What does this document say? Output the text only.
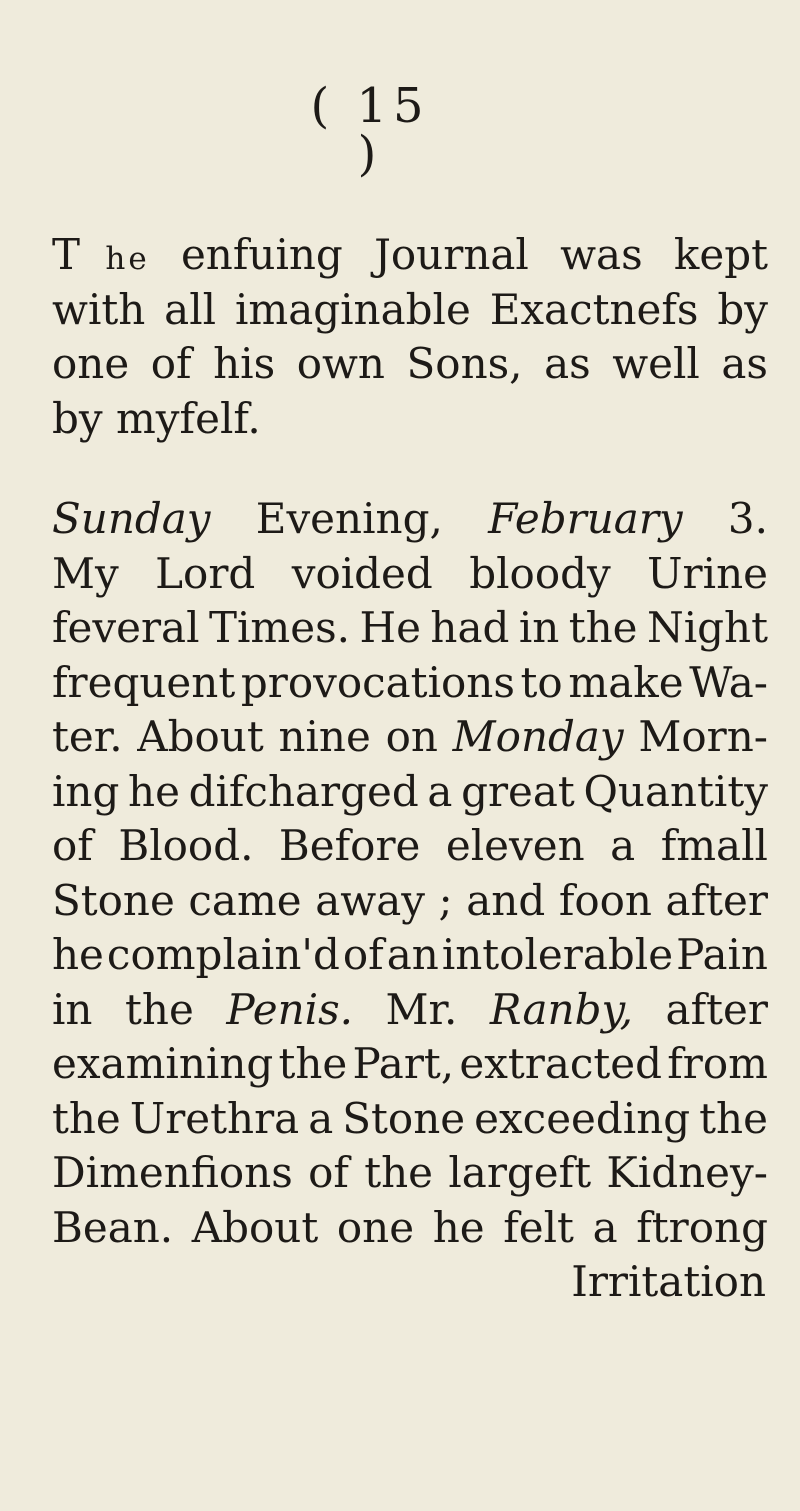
( 15 )
T he enfuing Journal was kept
with all imaginable Exactnefs by
one of his own Sons, as well as
by myfelf.
Sunday Evening, February 3.
My Lord voided bloody Urine
feveral Times. He had in the Night
frequent provocations to make Wa-
ter. About nine on Monday Morn-
ing he difcharged a great Quantity
of Blood. Before eleven a fmall
Stone came away ; and foon after
he complain'd of an intolerable Pain
in the Penis. Mr. Ranby, after
examining the Part, extracted from
the Urethra a Stone exceeding the
Dimenfions of the largeft Kidney-
Bean. About one he felt a ftrong
Irritation
